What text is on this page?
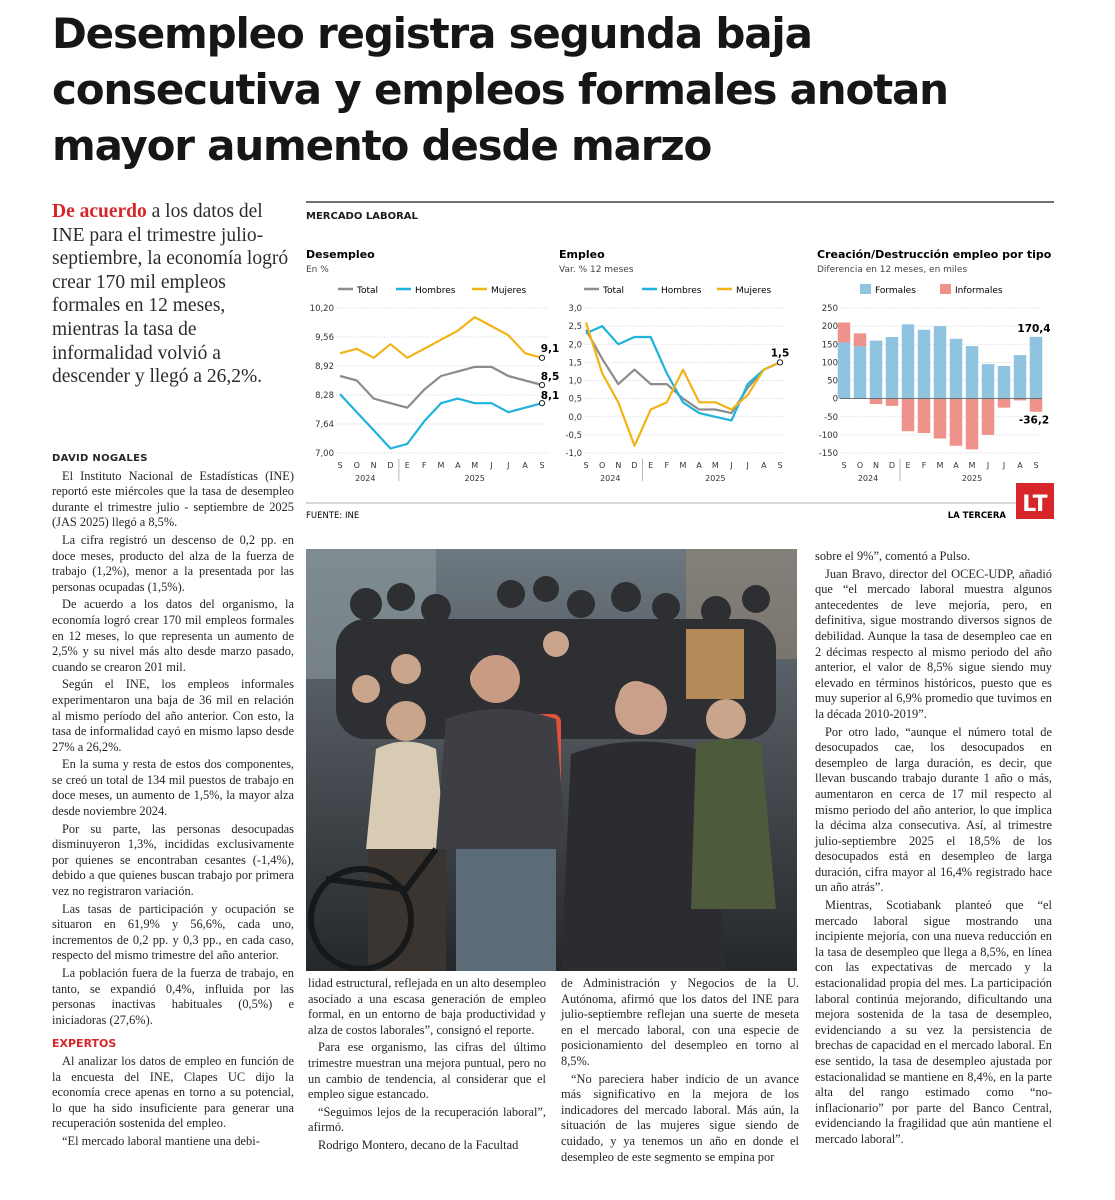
Desempleo registra segunda baja
consecutiva y empleos formales anotan
mayor aumento desde marzo
De acuerdo a los datos del INE para el trimestre julio-septiembre, la economía logró crear 170 mil empleos formales en 12 meses, mientras la tasa de informalidad volvió a descender y llegó a 26,2%.
MERCADO LABORAL
Desempleo
En %
Total	Hombres	Mujeres
10,20
9,56
8,92
8,28
7,64
7,00
S O N D E F M A M J J A S
2024	2025
8,5
8,1
9,1
Empleo
Var. % 12 meses
Total	Hombres	Mujeres
3,0
2,5
2,0
1,5
1,0
0,5
0,0
-0,5
-1,0
S O N D E F M A M J J A S
2024	2025
1,5
Creación/Destrucción empleo por tipo
Diferencia en 12 meses, en miles
Formales	Informales
250
200
150
100
50
0
-50
-100
-150
S O N D E F M A M J J A S
2024	2025
170,4
-36,2
FUENTE: INE	LA TERCERA LT
DAVID NOGALES

El Instituto Nacional de Estadísticas (INE) reportó este miércoles que la tasa de desempleo durante el trimestre julio - septiembre de 2025 (JAS 2025) llegó a 8,5%.

La cifra registró un descenso de 0,2 pp. en doce meses, producto del alza de la fuerza de trabajo (1,2%), menor a la presentada por las personas ocupadas (1,5%).

De acuerdo a los datos del organismo, la economía logró crear 170 mil empleos formales en 12 meses, lo que representa un aumento de 2,5% y su nivel más alto desde marzo pasado, cuando se crearon 201 mil.

Según el INE, los empleos informales experimentaron una baja de 36 mil en relación al mismo período del año anterior. Con esto, la tasa de informalidad cayó en mismo lapso desde 27% a 26,2%.

En la suma y resta de estos dos componentes, se creó un total de 134 mil puestos de trabajo en doce meses, un aumento de 1,5%, la mayor alza desde noviembre 2024.

Por su parte, las personas desocupadas disminuyeron 1,3%, incididas exclusivamente por quienes se encontraban cesantes (-1,4%), debido a que quienes buscan trabajo por primera vez no registraron variación.

Las tasas de participación y ocupación se situaron en 61,9% y 56,6%, cada uno, incrementos de 0,2 pp. y 0,3 pp., en cada caso, respecto del mismo trimestre del año anterior.

La población fuera de la fuerza de trabajo, en tanto, se expandió 0,4%, influida por las personas inactivas habituales (0,5%) e iniciadoras (27,6%).

EXPERTOS

Al analizar los datos de empleo en función de la encuesta del INE, Clapes UC dijo la economía crece apenas en torno a su potencial, lo que ha sido insuficiente para generar una recuperación sostenida del empleo.

“El mercado laboral mantiene una debi-

lidad estructural, reflejada en un alto desempleo asociado a una escasa generación de empleo formal, en un entorno de baja productividad y alza de costos laborales”, consignó el reporte.

Para ese organismo, las cifras del último trimestre muestran una mejora puntual, pero no un cambio de tendencia, al considerar que el empleo sigue estancado.

“Seguimos lejos de la recuperación laboral”, afirmó.

Rodrigo Montero, decano de la Facultad

de Administración y Negocios de la U. Autónoma, afirmó que los datos del INE para julio-septiembre reflejan una suerte de meseta en el mercado laboral, con una especie de posicionamiento del desempleo en torno al 8,5%.

“No pareciera haber indicio de un avance más significativo en la mejora de los indicadores del mercado laboral. Más aún, la situación de las mujeres sigue siendo de cuidado, y ya tenemos un año en donde el desempleo de este segmento se empina por

sobre el 9%”, comentó a Pulso.

Juan Bravo, director del OCEC-UDP, añadió que “el mercado laboral muestra algunos antecedentes de leve mejoría, pero, en definitiva, sigue mostrando diversos signos de debilidad. Aunque la tasa de desempleo cae en 2 décimas respecto al mismo periodo del año anterior, el valor de 8,5% sigue siendo muy elevado en términos históricos, puesto que es muy superior al 6,9% promedio que tuvimos en la década 2010-2019”.

Por otro lado, “aunque el número total de desocupados cae, los desocupados en desempleo de larga duración, es decir, que llevan buscando trabajo durante 1 año o más, aumentaron en cerca de 17 mil respecto al mismo periodo del año anterior, lo que implica la décima alza consecutiva. Así, al trimestre julio-septiembre 2025 el 18,5% de los desocupados está en desempleo de larga duración, cifra mayor al 16,4% registrado hace un año atrás”.

Mientras, Scotiabank planteó que “el mercado laboral sigue mostrando una incipiente mejoría, con una nueva reducción en la tasa de desempleo que llega a 8,5%, en línea con las expectativas de mercado y la estacionalidad propia del mes. La participación laboral continúa mejorando, dificultando una mejora sostenida de la tasa de desempleo, evidenciando a su vez la persistencia de brechas de capacidad en el mercado laboral. En ese sentido, la tasa de desempleo ajustada por estacionalidad se mantiene en 8,4%, en la parte alta del rango estimado como “no-inflacionario” por parte del Banco Central, evidenciando la fragilidad que aún mantiene el mercado laboral”.
